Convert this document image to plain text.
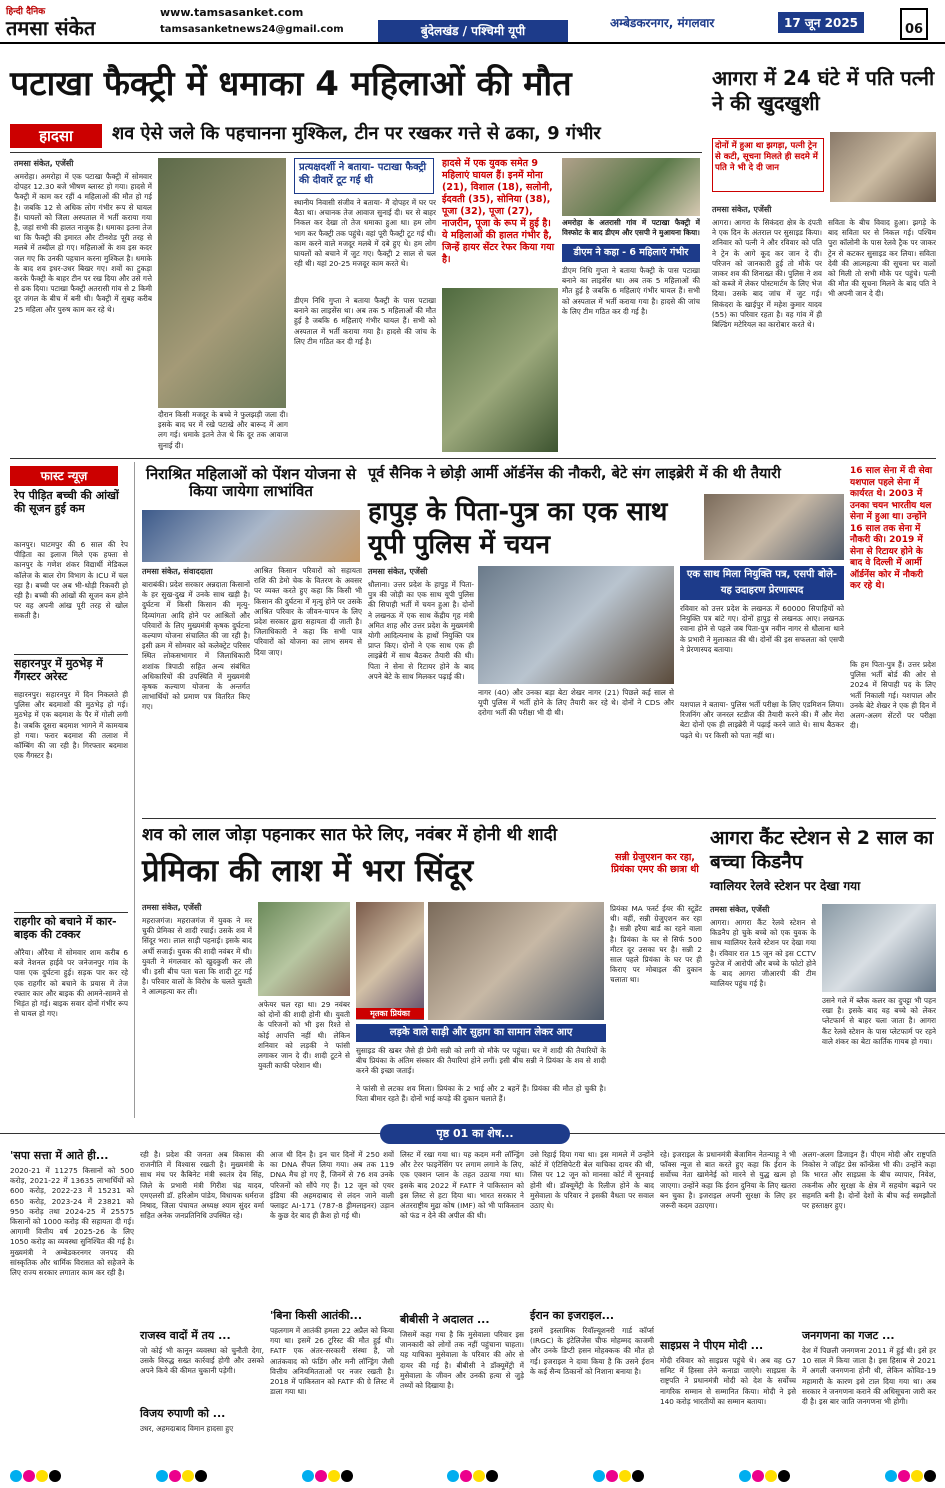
हिन्दी दैनिक
तमसा संकेत
www.tamsasanket.com
tamsasanketnews24@gmail.com	बुंदेलखंड / पश्चिमी यूपी
अम्बेडकरनगर, मंगलवार	17 जून 2025	06
पटाखा फैक्ट्री में धमाका 4 महिलाओं की मौत
हादसा	शव ऐसे जले कि पहचानना मुश्किल, टीन पर रखकर गत्ते से ढका, 9 गंभीर
तमसा संकेत, एजेंसी
अमरोहा। अमरोहा में एक पटाखा फैक्ट्री में सोमवार दोपहर 12.30 बजे भीषण ब्लास्ट हो गया। हादसे में फैक्ट्री में काम कर रहीं 4 महिलाओं की मौत हो गई है। जबकि 12 से अधिक लोग गंभीर रूप से घायल हैं। घायलों को जिला अस्पताल में भर्ती कराया गया है, जहां सभी की हालत नाजुक है। धमाका इतना तेज था कि फैक्ट्री की इमारत और टीनशेड पूरी तरह से मलबे में तब्दील हो गए। महिलाओं के शव इस कदर जल गए कि उनकी पहचान करना मुश्किल है। धमाके के बाद शव इधर-उधर बिखर गए। शवों का टुकड़ा करके फैक्ट्री के बाहर टीन पर रख दिया और उसे गत्ते से ढक दिया। पटाखा फैक्ट्री अतरासी गांव से 2 किमी दूर जंगल के बीच में बनी थी। फैक्ट्री में सुबह करीब 25 महिला और पुरुष काम कर रहे थे।
दौरान किसी मजदूर के बच्चे ने फुलझड़ी जला दी। इसके बाद घर में रखे पटाखे और बारूद में आग लग गई। धमाके इतने तेज थे कि दूर तक आवाज सुनाई दी।
प्रत्यक्षदर्शी ने बताया- पटाखा फैक्ट्री की दीवारें टूट गई थी
स्थानीय निवासी संजीव ने बताया- मैं दोपहर में घर पर बैठा था। अचानक तेज आवाज सुनाई दी। घर से बाहर निकल कर देखा तो तेज धमाका हुआ था। हम लोग भाग कर फैक्ट्री तक पहुंचे। वहां पूरी फैक्ट्री टूट गई थी। काम करने वाले मजदूर मलबे में दबे हुए थे। हम लोग घायलों को बचाने में जुट गए। फैक्ट्री 2 साल से चल रही थी। यहां 20-25 मजदूर काम करते थे।
डीएम निधि गुप्ता ने बताया फैक्ट्री के पास पटाखा बनाने का लाइसेंस था। अब तक 5 महिलाओं की मौत हुई है जबकि 6 महिलाएं गंभीर घायल हैं। सभी को अस्पताल में भर्ती कराया गया है। हादसे की जांच के लिए टीम गठित कर दी गई है।
हादसे में एक युवक समेत 9 महिलाएं घायल हैं। इनमें मोना (21), विशाल (18), सलोनी, ईदवती (35), सोनिया (38), पूजा (32), पूजा (27), नाजरीन, पूजा के रूप में हुई है। ये महिलाओं की हालत गंभीर है, जिन्हें हायर सेंटर रेफर किया गया है।
अमरोहा के अतरासी गांव में पटाखा फैक्ट्री में विस्फोट के बाद डीएम और एसपी ने मुआयना किया।
डीएम ने कहा - 6 महिलाएं गंभीर
डीएम निधि गुप्ता ने बताया फैक्ट्री के पास पटाखा बनाने का लाइसेंस था। अब तक 5 महिलाओं की मौत हुई है जबकि 6 महिलाएं गंभीर घायल हैं। सभी को अस्पताल में भर्ती कराया गया है। हादसे की जांच के लिए टीम गठित कर दी गई है।
आगरा में 24 घंटे में पति पत्नी ने की खुदखुशी
दोनों में हुआ था झगड़ा, पत्नी ट्रेन से कटी, सूचना मिलते ही सदमे में पति ने भी दे दी जान
तमसा संकेत, एजेंसी
आगरा। आगरा के सिकंदरा क्षेत्र के दंपती ने एक दिन के अंतराल पर सुसाइड किया। शनिवार को पत्नी ने और रविवार को पति ने ट्रेन के आगे कूद कर जान दे दी। परिजन को जानकारी हुई तो मौके पर जाकर शव की शिनाख्त की। पुलिस ने शव को कब्जे में लेकर पोस्टमार्टम के लिए भेज दिया। उसके बाद जांच में जुट गई। सिकंदरा के खाईपुर में महेश कुमार यादव (55) का परिवार रहता है। वह गांव में ही बिल्डिंग मटेरियल का कारोबार करते थे।
सविता के बीच विवाद हुआ। झगड़े के बाद सविता घर से निकल गई। पश्चिम पुरा कॉलोनी के पास रेलवे ट्रैक पर जाकर ट्रेन से कटकर सुसाइड कर लिया। सविता देवी की आत्महत्या की सूचना घर वालों को मिली तो सभी मौके पर पहुंचे। पत्नी की मौत की सूचना मिलने के बाद पति ने भी अपनी जान दे दी।
फास्ट न्यूज़
रेप पीड़ित बच्ची की आंखों की सूजन हुई कम
कानपुर। घाटमपुर की 6 साल की रेप पीड़िता का इलाज मिले एक हफ्ता से कानपुर के गणेश शंकर विद्यार्थी मेडिकल कॉलेज के बाल रोग विभाग के ICU में चल रहा है। बच्ची पर अब भी-थोड़ी रिकवरी हो रही है। बच्ची की आंखों की सूजन कम होने पर वह अपनी आंख पूरी तरह से खोल सकती है।
सहारनपुर में मुठभेड़ में गैंगस्टर अरेस्ट
सहारनपुर। सहारनपुर में दिन निकलते ही पुलिस और बदमाशों की मुठभेड़ हो गई। मुठभेड़ में एक बदमाश के पैर में गोली लगी है। जबकि दूसरा बदमाश भागने में कामयाब हो गया। फरार बदमाश की तलाश में कॉम्बिंग की जा रही है। गिरफ्तार बदमाश एक गैंगस्टर है।
राहगीर को बचाने में कार-बाइक की टक्कर
औरैया। औरैया में सोमवार शाम करीब 6 बजे नेशनल हाईवे पर जनेजनपुर गांव के पास एक दुर्घटना हुई। सड़क पार कर रहे एक राहगीर को बचाने के प्रयास में तेज रफ्तार कार और बाइक की आमने-सामने से भिड़ंत हो गई। बाइक सवार दोनों गंभीर रूप से घायल हो गए।
निराश्रित महिलाओं को पेंशन योजना से किया जायेगा लाभांवित
तमसा संकेत, संवाददाता
बाराबंकी। प्रदेश सरकार अन्नदाता किसानों के हर सुख-दुख में उनके साथ खड़ी है। दुर्घटना में किसी किसान की मृत्यु-दिव्यांगता आदि होने पर आश्रितों और परिवारों के लिए मुख्यमंत्री कृषक दुर्घटना कल्याण योजना संचालित की जा रही है। इसी क्रम में सोमवार को कलेक्ट्रेट परिसर स्थित लोकसभागार में जिलाधिकारी शशांक त्रिपाठी सहित अन्य संबंधित अधिकारियों की उपस्थिति में मुख्यमंत्री कृषक कल्याण योजना के अन्तर्गत लाभार्थियों को प्रमाण पत्र वितरित किए गए।
आश्रित किसान परिवारों को सहायता राशि की डेमो चेक के वितरण के अवसर पर व्यक्त करते हुए कहा कि किसी भी किसान की दुर्घटना में मृत्यु होने पर उसके आश्रित परिवार के जीवन-यापन के लिए प्रदेश सरकार द्वारा सहायता दी जाती है। जिलाधिकारी ने कहा कि सभी पात्र परिवारों को योजना का लाभ समय से दिया जाए।
पूर्व सैनिक ने छोड़ी आर्मी ऑर्डनेंस की नौकरी, बेटे संग लाइब्रेरी में की थी तैयारी
हापुड़ के पिता-पुत्र का एक साथ यूपी पुलिस में चयन
तमसा संकेत, एजेंसी
धौलाना। उत्तर प्रदेश के हापुड़ में पिता-पुत्र की जोड़ी का एक साथ यूपी पुलिस की सिपाही भर्ती में चयन हुआ है। दोनों ने लखनऊ में एक साथ केंद्रीय गृह मंत्री अमित शाह और उत्तर प्रदेश के मुख्यमंत्री योगी आदित्यनाथ के हाथों नियुक्ति पत्र प्राप्त किए। दोनों ने एक साथ एक ही लाइब्रेरी में साथ बैठकर तैयारी की थी। पिता ने सेना से रिटायर होने के बाद अपने बेटे के साथ मिलकर पढ़ाई की।
नागर (40) और उनका बड़ा बेटा शेखर नागर (21) पिछले कई साल से यूपी पुलिस में भर्ती होने के लिए तैयारी कर रहे थे। दोनों ने CDS और दरोगा भर्ती की परीक्षा भी दी थी।
एक साथ मिला नियुक्ति पत्र, एसपी बोले- यह उदाहरण प्रेरणास्पद
रविवार को उत्तर प्रदेश के लखनऊ में 60000 सिपाहियों को नियुक्ति पत्र बांटे गए। दोनों हापुड़ से लखनऊ आए। लखनऊ रवाना होने से पहले जब पिता-पुत्र नवीन नागर से धौलाना थाने के प्रभारी ने मुलाकात की थी। दोनों की इस सफलता को एसपी ने प्रेरणास्पद बताया।
यशपाल ने बताया- पुलिस भर्ती परीक्षा के लिए एडमिशन लिया। रिजनिंग और जनरल स्टडीज की तैयारी करने की। मैं और मेरा बेटा दोनों एक ही लाइब्रेरी में पढ़ाई करने जाते थे। साथ बैठकर पढ़ते थे। पर किसी को पता नहीं था।
16 साल सेना में दी सेवा यशपाल पहले सेना में कार्यरत थे। 2003 में उनका चयन भारतीय थल सेना में हुआ था। उन्होंने 16 साल तक सेना में नौकरी की। 2019 में सेना से रिटायर होने के बाद वे दिल्ली में आर्मी ऑर्डनेंस कोर में नौकरी कर रहे थे।
कि हम पिता-पुत्र हैं। उत्तर प्रदेश पुलिस भर्ती बोर्ड की ओर से 2024 में सिपाही पद के लिए भर्ती निकाली गई। यशपाल और उनके बेटे शेखर ने एक ही दिन में अलग-अलग सेंटरों पर परीक्षा दी।
शव को लाल जोड़ा पहनाकर सात फेरे लिए, नवंबर में होनी थी शादी
प्रेमिका की लाश में भरा सिंदूर	सन्नी ग्रेजुएशन कर रहा, प्रियंका एमए की छात्रा थी
तमसा संकेत, एजेंसी
महराजगंज। महराजगंज में युवक ने मर चुकी प्रेमिका से शादी रचाई। उसके शव में सिंदूर भरा। लाल साड़ी पहनाई। इसके बाद अर्थी सजाई। युवक की शादी नवंबर में थी। युवती ने मंगलवार को खुदकुशी कर ली थी। इसी बीच पता चला कि शादी टूट गई है। परिवार वालों के विरोध के चलते युवती ने आत्महत्या कर ली।
अफेयर चल रहा था। 29 नवंबर को दोनों की शादी होनी थी। युवती के परिजनों को भी इस रिश्ते से कोई आपत्ति नहीं थी। लेकिन शनिवार को लड़की ने फांसी लगाकर जान दे दी। शादी टूटने से युवती काफी परेशान थी।
मृतका प्रियंका
लड़के वाले साड़ी और सुहाग का सामान लेकर आए
सुसाइड की खबर जैसे ही प्रेमी सन्नी को लगी वो मौके पर पहुंचा। घर में शादी की तैयारियों के बीच प्रियंका के अंतिम संस्कार की तैयारियां होने लगीं। इसी बीच सन्नी ने प्रियंका के शव से शादी करने की इच्छा जताई।
ने फांसी से लटका शव मिला। प्रियंका के 2 भाई और 2 बहनें हैं। प्रियंका की मौत हो चुकी है। पिता बीमार रहते हैं। दोनों भाई कपड़े की दुकान चलाते हैं।
प्रियंका MA फर्स्ट ईयर की स्टूडेंट थी। वहीं, सन्नी ग्रेजुएशन कर रहा है। सन्नी हरैया बार्ड का रहने वाला है। प्रियंका के घर से सिर्फ 500 मीटर दूर उसका घर है। सन्नी 2 साल पहले प्रियंका के घर पर ही किराए पर मोबाइल की दुकान चलाता था।
आगरा कैंट स्टेशन से 2 साल का बच्चा किडनैप
ग्वालियर रेलवे स्टेशन पर देखा गया
तमसा संकेत, एजेंसी
आगरा। आगरा कैंट रेलवे स्टेशन से किडनैप हो चुके बच्चे को एक युवक के साथ ग्वालियर रेलवे स्टेशन पर देखा गया है। रविवार रात 15 जून को इस CCTV फुटेज में आरोपी और बच्चे के फोटो होने के बाद आगरा जीआरपी की टीम ग्वालियर पहुंच गई है।
उसने गले में ब्लैक कलर का दुपट्टा भी पहन रखा है। इसके बाद वह बच्चे को लेकर प्लेटफार्म से बाहर चला जाता है। आगरा कैंट रेलवे स्टेशन के पास प्लेटफार्म पर रहने वाले शंकर का बेटा कार्तिक गायब हो गया।
पृष्ठ 01 का शेष...
'सपा सत्ता में आते ही...
2020-21 में 11275 किसानों को 500 करोड़, 2021-22 में 13635 लाभार्थियों को 600 करोड़, 2022-23 में 15231 को 650 करोड़, 2023-24 में 23821 को 950 करोड़ तथा 2024-25 में 25575 किसानों को 1000 करोड़ की सहायता दी गई। आगामी वित्तीय वर्ष 2025-26 के लिए 1050 करोड़ का व्यवस्था सुनिश्चित की गई है। मुख्यमंत्री ने अम्बेडकरनगर जनपद की सांस्कृतिक और धार्मिक विरासत को सहेजने के लिए राज्य सरकार लगातार काम कर रही है।
रही है। प्रदेश की जनता अब विकास की राजनीति में विश्वास रखती है। मुख्यमंत्री के साथ मंच पर कैबिनेट मंत्री स्वतंत्र देव सिंह, जिले के प्रभारी मंत्री गिरीश चंद्र यादव, एमएलसी डॉ. हरिओम पांडेय, विधायक धर्मराज निषाद, जिला पंचायत अध्यक्ष श्याम सुंदर वर्मा सहित अनेक जनप्रतिनिधि उपस्थित रहे।
राजस्व वादों में तय ...
जो कोई भी कानून व्यवस्था को चुनौती देगा, उसके विरुद्ध सख्त कार्रवाई होगी और उसको अपने किये की कीमत चुकानी पड़ेगी।
विजय रुपाणी को ...
उधर, अहमदाबाद विमान हादसा हुए
आज थी दिन है। इन चार दिनों में 250 शवों का DNA सैंपल लिया गया। अब तक 119 DNA मैच हो गए हैं, जिनमें से 76 शव उनके परिजनों को सौंपे गए हैं। 12 जून को एयर इंडिया की अहमदाबाद से लंदन जाने वाली फ्लाइट AI-171 (787-8 ड्रीमलाइनर) उड़ान के कुछ देर बाद ही क्रैश हो गई थी।
'बिना किसी आतंकी...
पहलगाम में आतंकी हमला 22 अप्रैल को किया गया था। इसमें 26 टूरिस्ट की मौत हुई थी। FATF एक अंतर-सरकारी संस्था है, जो आतंकवाद को फंडिंग और मनी लॉन्ड्रिंग जैसी वित्तीय अनियमितताओं पर नजर रखती है। 2018 में पाकिस्तान को FATF की ग्रे लिस्ट में डाला गया था।
लिस्ट में रखा गया था। यह कदम मनी लॉन्ड्रिंग और टेरर फाइनेंसिंग पर लगाम लगाने के लिए, एक एक्शन प्लान के तहत उठाया गया था। इसके बाद 2022 में FATF ने पाकिस्तान को इस लिस्ट से हटा दिया था। भारत सरकार ने अंतरराष्ट्रीय मुद्रा कोष (IMF) को भी पाकिस्तान को फंड न देने की अपील की थी।
बीबीसी ने अदालत ...
जिसमें कहा गया है कि मुसेवाला परिवार इस जानकारी को लोगों तक नहीं पहुंचाना चाहता। यह याचिका मुसेवाला के परिवार की ओर से दायर की गई है। बीबीसी ने डॉक्यूमेंट्री में मुसेवाला के जीवन और उनकी हत्या से जुड़े तथ्यों को दिखाया है।
उसे रिहाई दिया गया था। इस मामले में उन्होंने कोर्ट में एंटिसिपेटरी बेल याचिका दायर की थी, जिस पर 12 जून को मानसा कोर्ट में सुनवाई होनी थी। डॉक्यूमेंट्री के रिलीज होने के बाद मुसेवाला के परिवार ने इसकी वैधता पर सवाल उठाए थे।
ईरान का इजराइल...
इसमें इस्लामिक रिवॉल्यूशनरी गार्ड कॉर्प्स (IRGC) के इंटेलिजेंस चीफ मोहम्मद काजमी और उनके डिप्टी हसन मोहक्कक की मौत हो गई। इजराइल ने दावा किया है कि उसने ईरान के कई सैन्य ठिकानों को निशाना बनाया है।
रहे। इजराइल के प्रधानमंत्री बेंजामिन नेतन्याहू ने भी फॉक्स न्यूज से बात करते हुए कहा कि ईरान के सर्वोच्च नेता खामेनेई को मारने से युद्ध खत्म हो जाएगा। उन्होंने कहा कि ईरान दुनिया के लिए खतरा बन चुका है। इजराइल अपनी सुरक्षा के लिए हर जरूरी कदम उठाएगा।
साइप्रस ने पीएम मोदी ...
मोदी रविवार को साइप्रस पहुंचे थे। अब वह G7 समिट में हिस्सा लेने कनाडा जाएंगे। साइप्रस के राष्ट्रपति ने प्रधानमंत्री मोदी को देश के सर्वोच्च नागरिक सम्मान से सम्मानित किया। मोदी ने इसे 140 करोड़ भारतीयों का सम्मान बताया।
अलग-अलग डिजाइन हैं। पीएम मोदी और राष्ट्रपति निकोस ने जॉइंट प्रेस कॉन्फ्रेंस भी की। उन्होंने कहा कि भारत और साइप्रस के बीच व्यापार, निवेश, तकनीक और सुरक्षा के क्षेत्र में सहयोग बढ़ाने पर सहमति बनी है। दोनों देशों के बीच कई समझौतों पर हस्ताक्षर हुए।
जनगणना का गजट ...
देश में पिछली जनगणना 2011 में हुई थी। इसे हर 10 साल में किया जाता है। इस हिसाब से 2021 में अगली जनगणना होनी थी, लेकिन कोविड-19 महामारी के कारण इसे टाल दिया गया था। अब सरकार ने जनगणना कराने की अधिसूचना जारी कर दी है। इस बार जाति जनगणना भी होगी।
